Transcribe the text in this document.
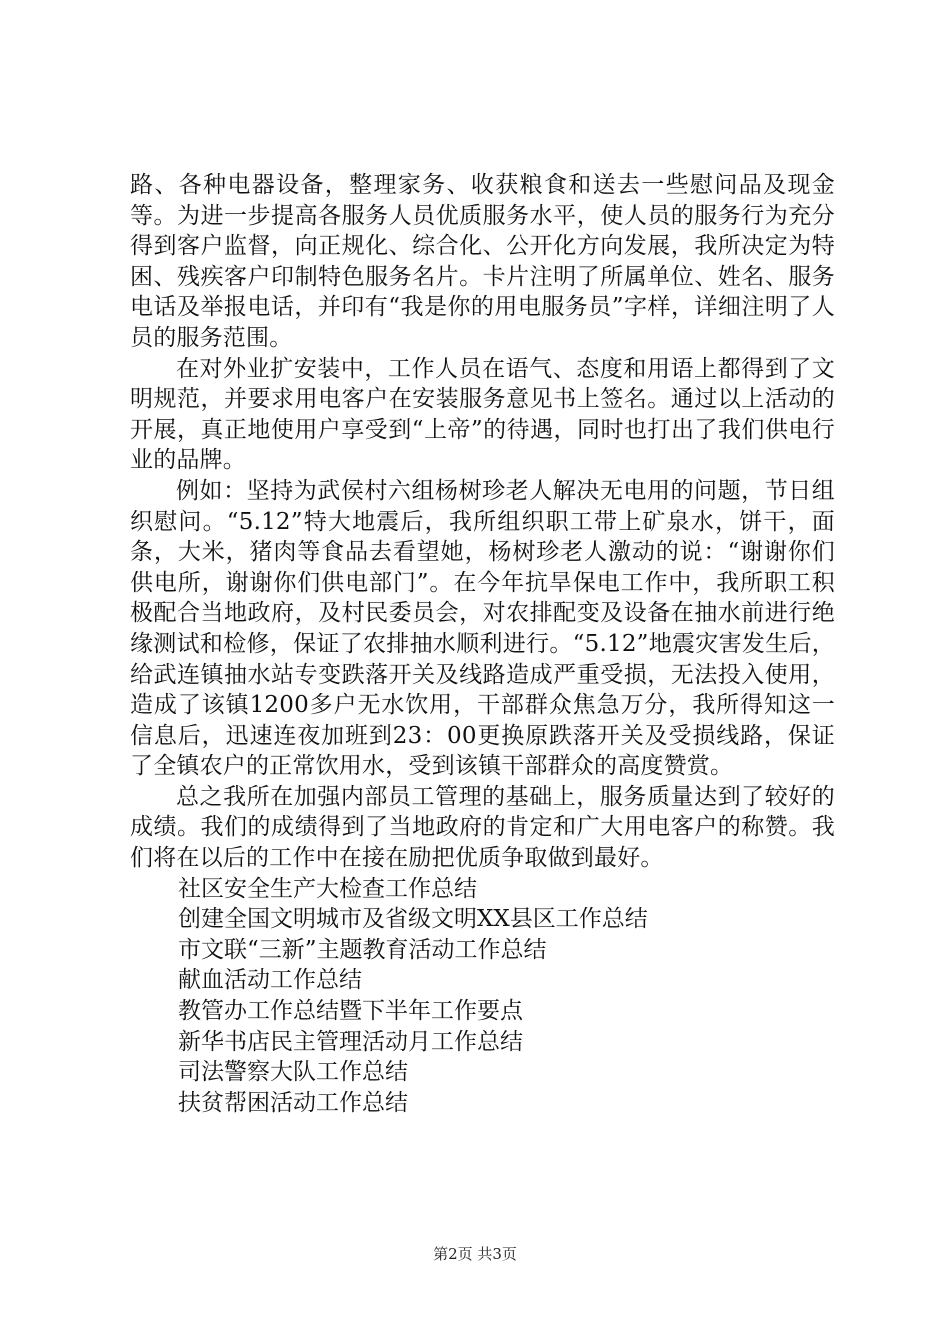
路、各种电器设备，整理家务、收获粮食和送去一些慰问品及现金等。为进一步提高各服务人员优质服务水平，使人员的服务行为充分得到客户监督，向正规化、综合化、公开化方向发展，我所决定为特困、残疾客户印制特色服务名片。卡片注明了所属单位、姓名、服务电话及举报电话，并印有“我是你的用电服务员”字样，详细注明了人员的服务范围。

在对外业扩安装中，工作人员在语气、态度和用语上都得到了文明规范，并要求用电客户在安装服务意见书上签名。通过以上活动的开展，真正地使用户享受到“上帝”的待遇，同时也打出了我们供电行业的品牌。

例如：坚持为武侯村六组杨树珍老人解决无电用的问题，节日组织慰问。“5.12”特大地震后，我所组织职工带上矿泉水，饼干，面条，大米，猪肉等食品去看望她，杨树珍老人激动的说：“谢谢你们供电所，谢谢你们供电部门”。在今年抗旱保电工作中，我所职工积极配合当地政府，及村民委员会，对农排配变及设备在抽水前进行绝缘测试和检修，保证了农排抽水顺利进行。“5.12”地震灾害发生后，给武连镇抽水站专变跌落开关及线路造成严重受损，无法投入使用，造成了该镇1200多户无水饮用，干部群众焦急万分，我所得知这一信息后，迅速连夜加班到23：00更换原跌落开关及受损线路，保证了全镇农户的正常饮用水，受到该镇干部群众的高度赞赏。

总之我所在加强内部员工管理的基础上，服务质量达到了较好的成绩。我们的成绩得到了当地政府的肯定和广大用电客户的称赞。我们将在以后的工作中在接在励把优质争取做到最好。

社区安全生产大检查工作总结
创建全国文明城市及省级文明XX县区工作总结
市文联“三新”主题教育活动工作总结
献血活动工作总结
教管办工作总结暨下半年工作要点
新华书店民主管理活动月工作总结
司法警察大队工作总结
扶贫帮困活动工作总结
第2页 共3页
